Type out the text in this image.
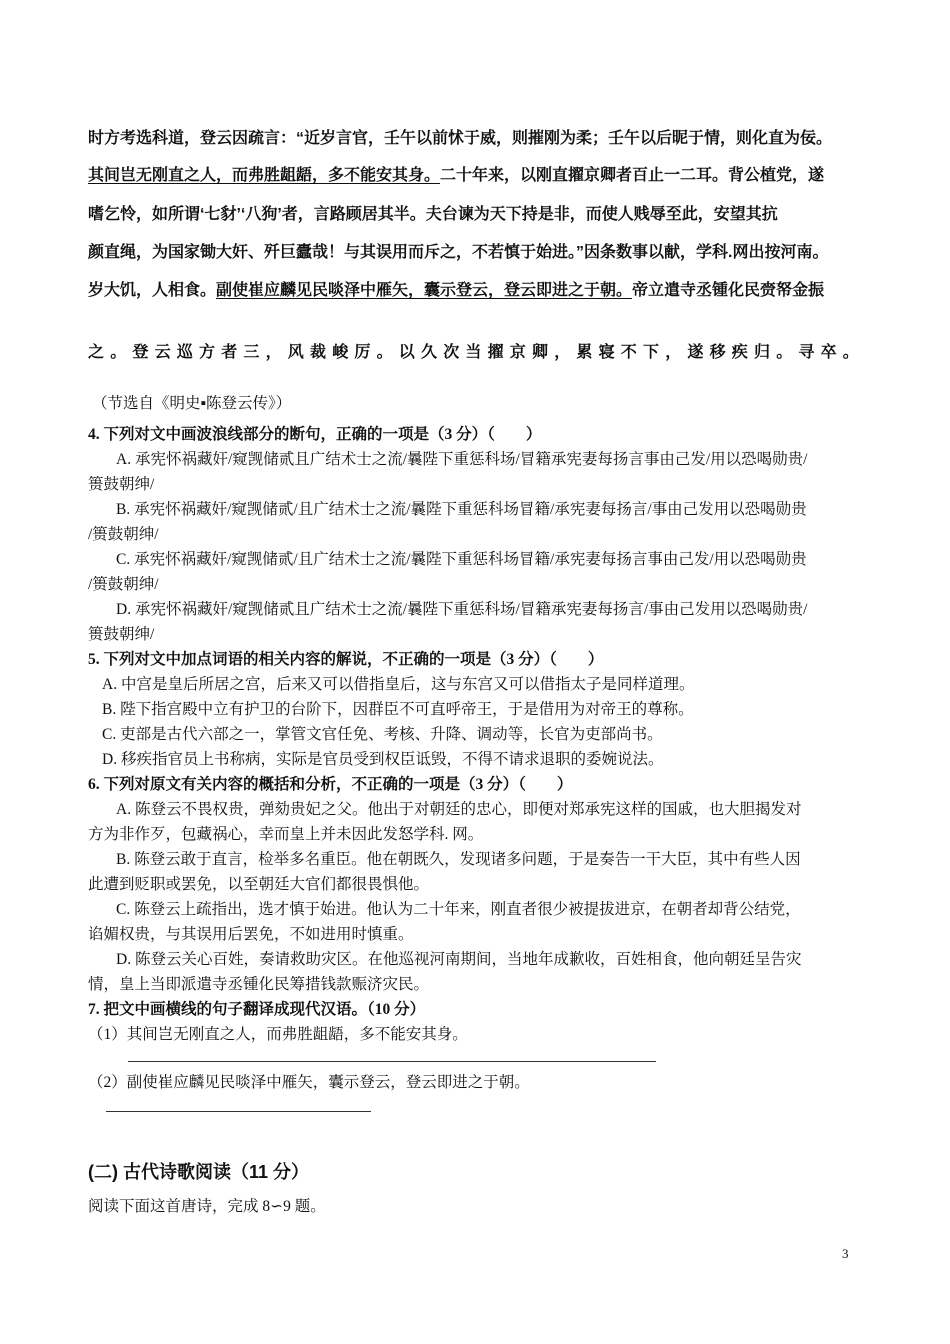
时方考选科道，登云因疏言：“近岁言官，壬午以前怵于威，则摧刚为柔；壬午以后昵于情，则化直为佞。
其间岂无刚直之人，而弗胜龃龉，多不能安其身。二十年来，以刚直擢京卿者百止一二耳。背公植党，遂
嗜乞怜，如所谓‘七豺’‘八狗’者，言路顾居其半。夫台谏为天下持是非，而使人贱辱至此，安望其抗
颜直绳，为国家锄大奸、歼巨蠹哉！与其误用而斥之，不若慎于始进。”因条数事以献，学科.网出按河南。
岁大饥，人相食。副使崔应麟见民啖泽中雁矢，囊示登云，登云即进之于朝。帝立遣寺丞锺化民赍帑金振
之。登云巡方者三，风裁峻厉。以久次当擢京卿，累寝不下，遂移疾归。寻卒。
（节选自《明史▪陈登云传》）
4. 下列对文中画波浪线部分的断句，正确的一项是（3 分）（　　）
A. 承宪怀祸藏奸/窥觊储贰且广结术士之流/曩陛下重惩科场/冒籍承宪妻每扬言事由己发/用以恐喝勋贵/
篑鼓朝绅/
B. 承宪怀祸藏奸/窥觊储贰/且广结术士之流/曩陛下重惩科场冒籍/承宪妻每扬言/事由己发用以恐喝勋贵
/篑鼓朝绅/
C. 承宪怀祸藏奸/窥觊储贰/且广结术士之流/曩陛下重惩科场冒籍/承宪妻每扬言事由己发/用以恐喝勋贵
/篑鼓朝绅/
D. 承宪怀祸藏奸/窥觊储贰且广结术士之流/曩陛下重惩科场/冒籍承宪妻每扬言/事由己发用以恐喝勋贵/
篑鼓朝绅/
5. 下列对文中加点词语的相关内容的解说，不正确的一项是（3 分）（　　）
A. 中宫是皇后所居之宫，后来又可以借指皇后，这与东宫又可以借指太子是同样道理。
B. 陛下指宫殿中立有护卫的台阶下，因群臣不可直呼帝王，于是借用为对帝王的尊称。
C. 吏部是古代六部之一，掌管文官任免、考核、升降、调动等，长官为吏部尚书。
D. 移疾指官员上书称病，实际是官员受到权臣诋毁，不得不请求退职的委婉说法。
6. 下列对原文有关内容的概括和分析，不正确的一项是（3 分）（　　）
A. 陈登云不畏权贵，弹劾贵妃之父。他出于对朝廷的忠心，即便对郑承宪这样的国戚，也大胆揭发对
方为非作歹，包藏祸心，幸而皇上并未因此发怒学科. 网。
B. 陈登云敢于直言，检举多名重臣。他在朝既久，发现诸多问题，于是奏告一干大臣，其中有些人因
此遭到贬职或罢免，以至朝廷大官们都很畏惧他。
C. 陈登云上疏指出，选才慎于始进。他认为二十年来，刚直者很少被提拔进京，在朝者却背公结党，
谄媚权贵，与其误用后罢免，不如进用时慎重。
D. 陈登云关心百姓，奏请救助灾区。在他巡视河南期间，当地年成歉收，百姓相食，他向朝廷呈告灾
情，皇上当即派遣寺丞锺化民筹措钱款赈济灾民。
7. 把文中画横线的句子翻译成现代汉语。（10 分）
（1）其间岂无刚直之人，而弗胜龃龉，多不能安其身。
（2）副使崔应麟见民啖泽中雁矢，囊示登云，登云即进之于朝。
(二) 古代诗歌阅读（11 分）
阅读下面这首唐诗，完成 8∽9 题。
3
